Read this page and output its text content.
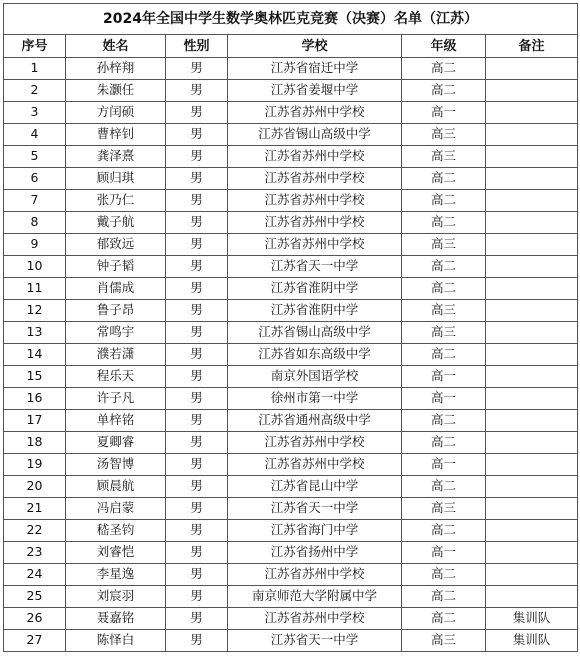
2024年全国中学生数学奥林匹克竞赛（决赛）名单（江苏）
序号	姓名	性别	学校	年级	备注
1	孙梓翔	男	江苏省宿迁中学	高二	
2	朱灏任	男	江苏省姜堰中学	高二	
3	方闰硕	男	江苏省苏州中学校	高一	
4	曹梓钊	男	江苏省锡山高级中学	高三	
5	龚泽熹	男	江苏省苏州中学校	高三	
6	顾归琪	男	江苏省苏州中学校	高二	
7	张乃仁	男	江苏省苏州中学校	高二	
8	戴子航	男	江苏省苏州中学校	高二	
9	郁致远	男	江苏省苏州中学校	高三	
10	钟子韬	男	江苏省天一中学	高二	
11	肖儒成	男	江苏省淮阴中学	高二	
12	鲁子昂	男	江苏省淮阴中学	高三	
13	常鸣宇	男	江苏省锡山高级中学	高三	
14	濮若潇	男	江苏省如东高级中学	高二	
15	程乐天	男	南京外国语学校	高一	
16	许子凡	男	徐州市第一中学	高一	
17	单梓铭	男	江苏省通州高级中学	高二	
18	夏卿睿	男	江苏省苏州中学校	高二	
19	汤智博	男	江苏省苏州中学校	高一	
20	顾晨航	男	江苏省昆山中学	高二	
21	冯启蒙	男	江苏省天一中学	高三	
22	嵇圣钧	男	江苏省海门中学	高二	
23	刘睿恺	男	江苏省扬州中学	高一	
24	李星逸	男	江苏省苏州中学校	高二	
25	刘宸羽	男	南京师范大学附属中学	高二	
26	聂嘉铭	男	江苏省苏州中学校	高二	集训队
27	陈怿白	男	江苏省天一中学	高三	集训队
